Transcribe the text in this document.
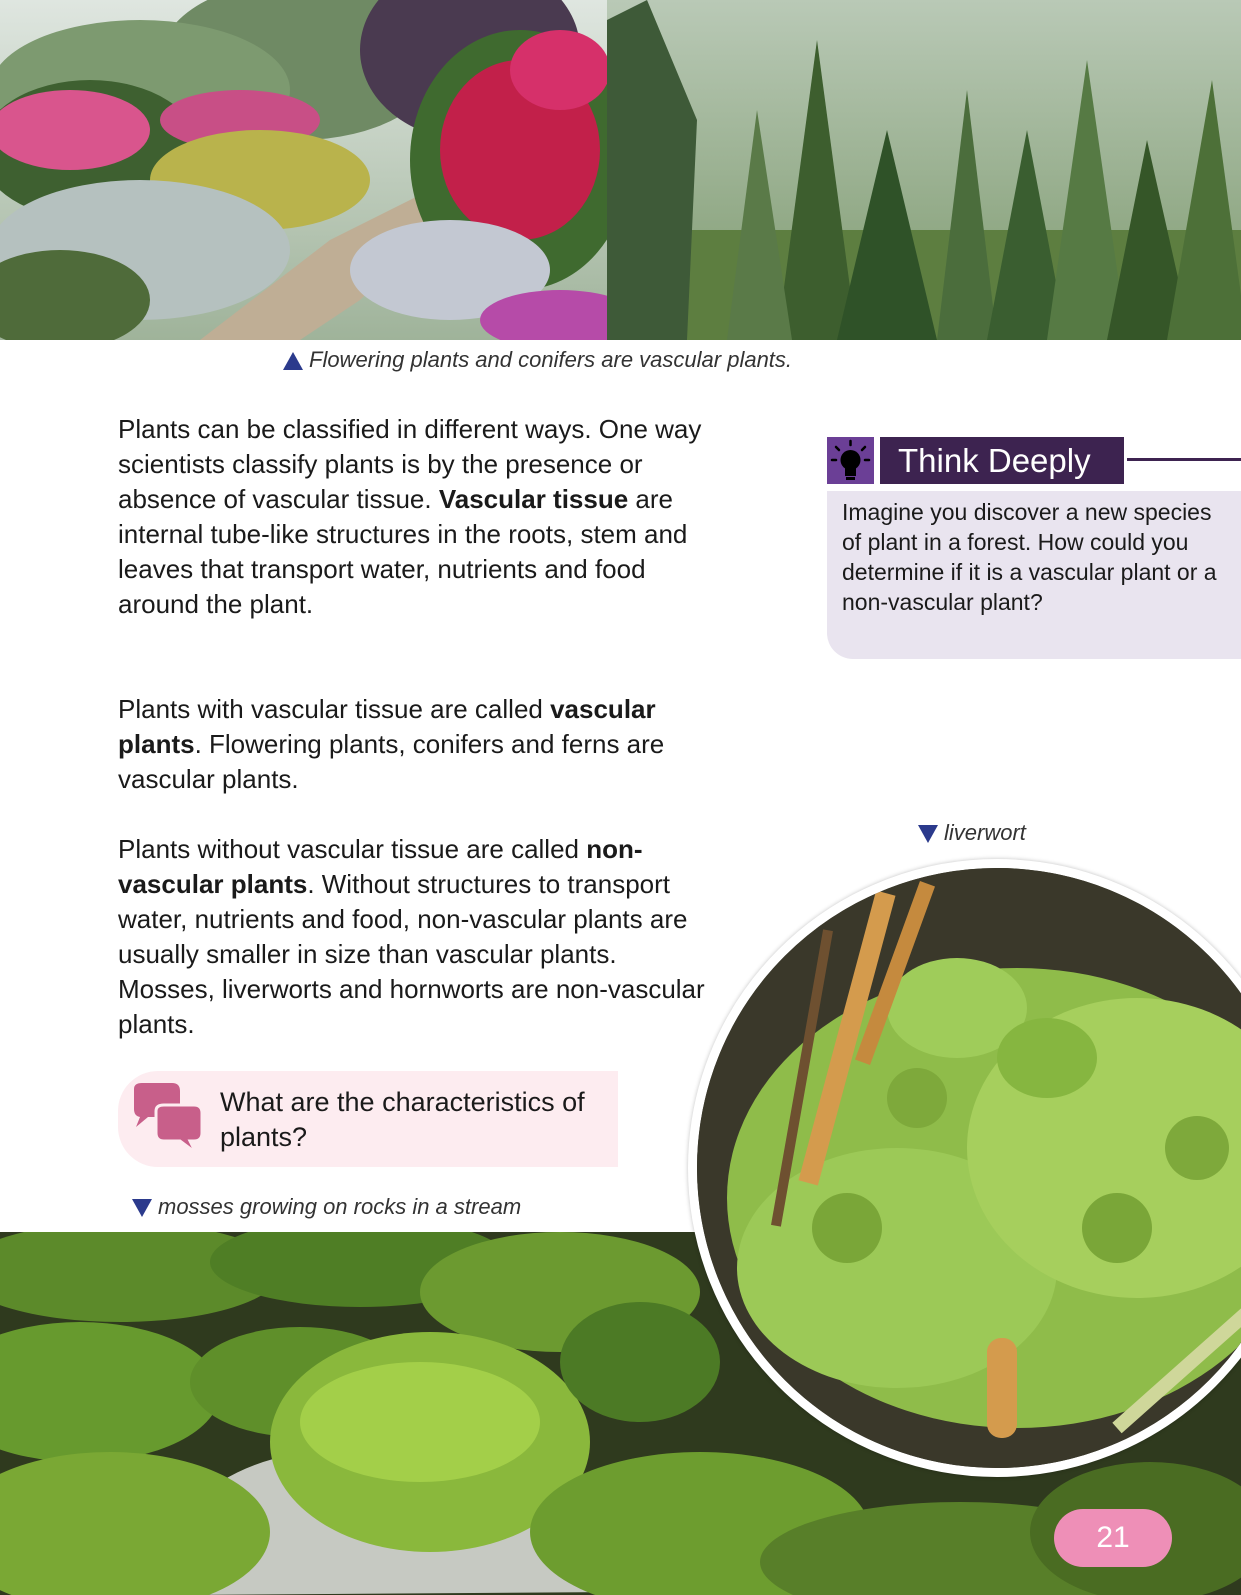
Flowering plants and conifers are vascular plants.
Plants can be classified in different ways. One way scientists classify plants is by the presence or absence of vascular tissue. Vascular tissue are internal tube-like structures in the roots, stem and leaves that transport water, nutrients and food around the plant.
Plants with vascular tissue are called vascular plants. Flowering plants, conifers and ferns are vascular plants.
Plants without vascular tissue are called non-vascular plants. Without structures to transport water, nutrients and food, non-vascular plants are usually smaller in size than vascular plants. Mosses, liverworts and hornworts are non-vascular plants.
Think Deeply
Imagine you discover a new species of plant in a forest. How could you determine if it is a vascular plant or a non-vascular plant?
liverwort
What are the characteristics of plants?
mosses growing on rocks in a stream
21
